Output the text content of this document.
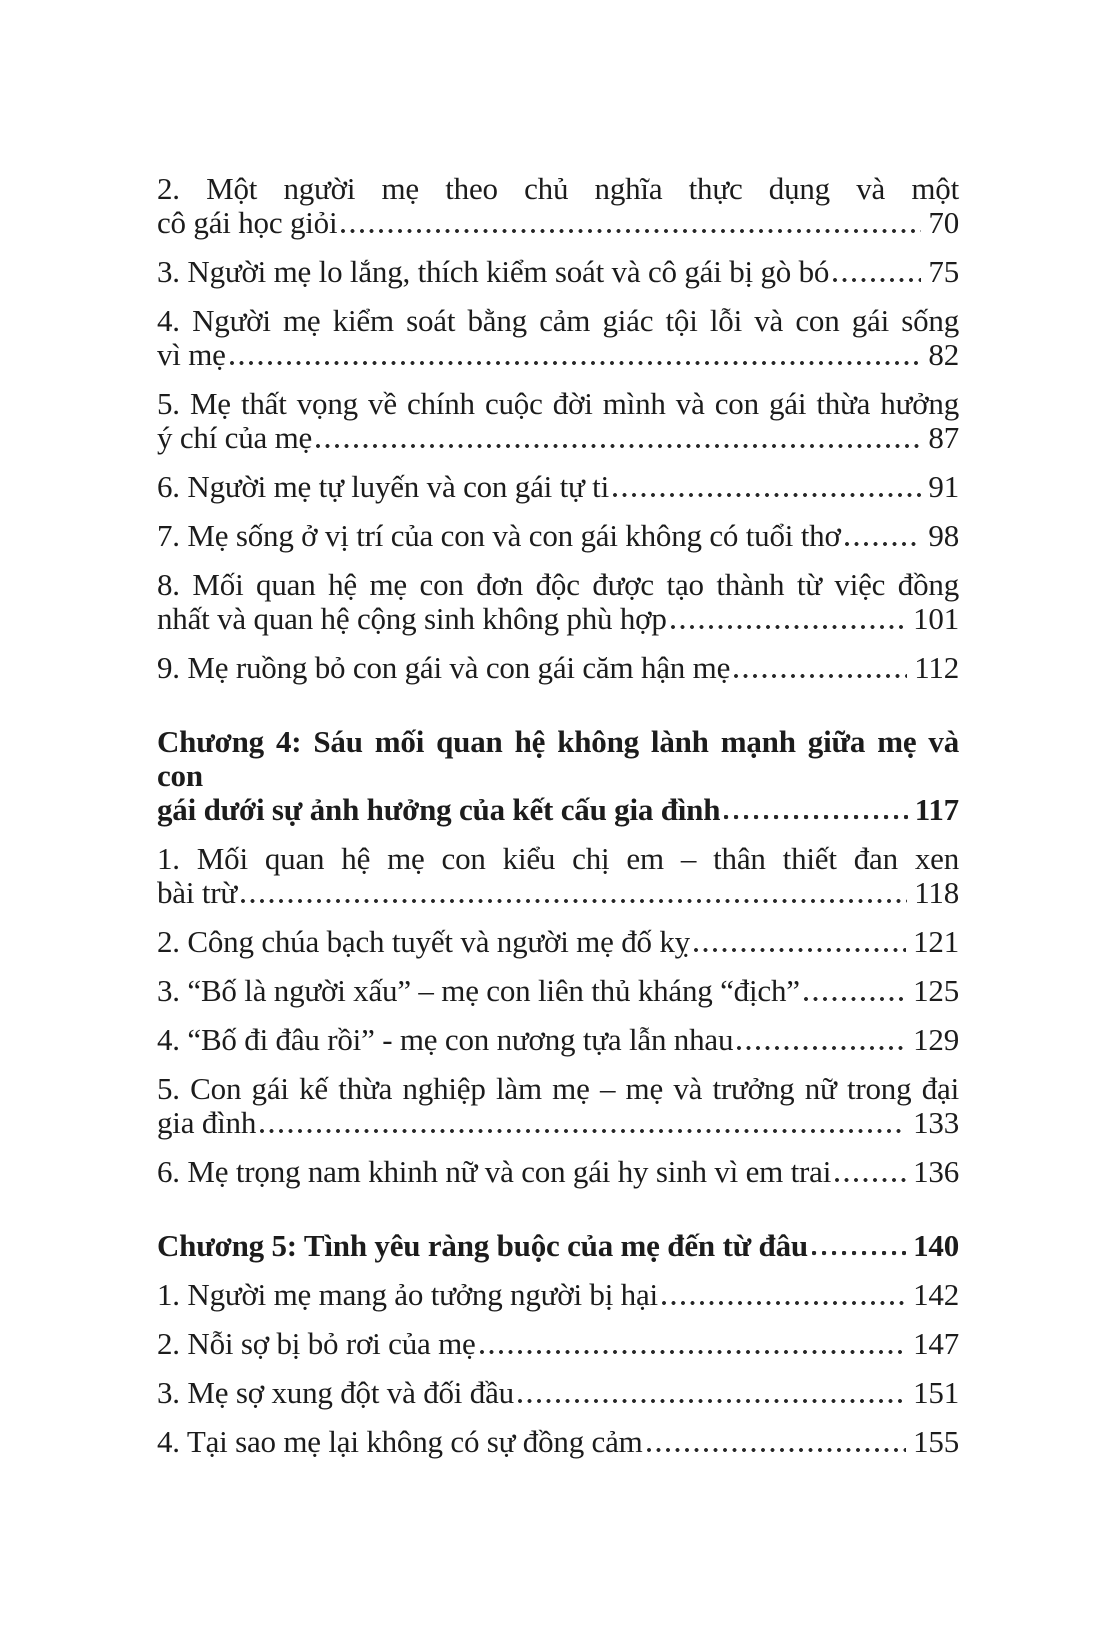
2. Một người mẹ theo chủ nghĩa thực dụng và một
cô gái học giỏi	70
3. Người mẹ lo lắng, thích kiểm soát và cô gái bị gò bó	75
4. Người mẹ kiểm soát bằng cảm giác tội lỗi và con gái sống
vì mẹ	82
5. Mẹ thất vọng về chính cuộc đời mình và con gái thừa hưởng
ý chí của mẹ	87
6. Người mẹ tự luyến và con gái tự ti	91
7. Mẹ sống ở vị trí của con và con gái không có tuổi thơ	98
8. Mối quan hệ mẹ con đơn độc được tạo thành từ việc đồng
nhất và quan hệ cộng sinh không phù hợp	101
9. Mẹ ruồng bỏ con gái và con gái căm hận mẹ	112
Chương 4: Sáu mối quan hệ không lành mạnh giữa mẹ và con
gái dưới sự ảnh hưởng của kết cấu gia đình	117
1. Mối quan hệ mẹ con kiểu chị em – thân thiết đan xen
bài trừ	118
2. Công chúa bạch tuyết và người mẹ đố kỵ	121
3. “Bố là người xấu” – mẹ con liên thủ kháng “địch”	125
4. “Bố đi đâu rồi” - mẹ con nương tựa lẫn nhau	129
5. Con gái kế thừa nghiệp làm mẹ – mẹ và trưởng nữ trong đại
gia đình	133
6. Mẹ trọng nam khinh nữ và con gái hy sinh vì em trai	136
Chương 5: Tình yêu ràng buộc của mẹ đến từ đâu	140
1. Người mẹ mang ảo tưởng người bị hại	142
2. Nỗi sợ bị bỏ rơi của mẹ	147
3. Mẹ sợ xung đột và đối đầu	151
4. Tại sao mẹ lại không có sự đồng cảm	155
